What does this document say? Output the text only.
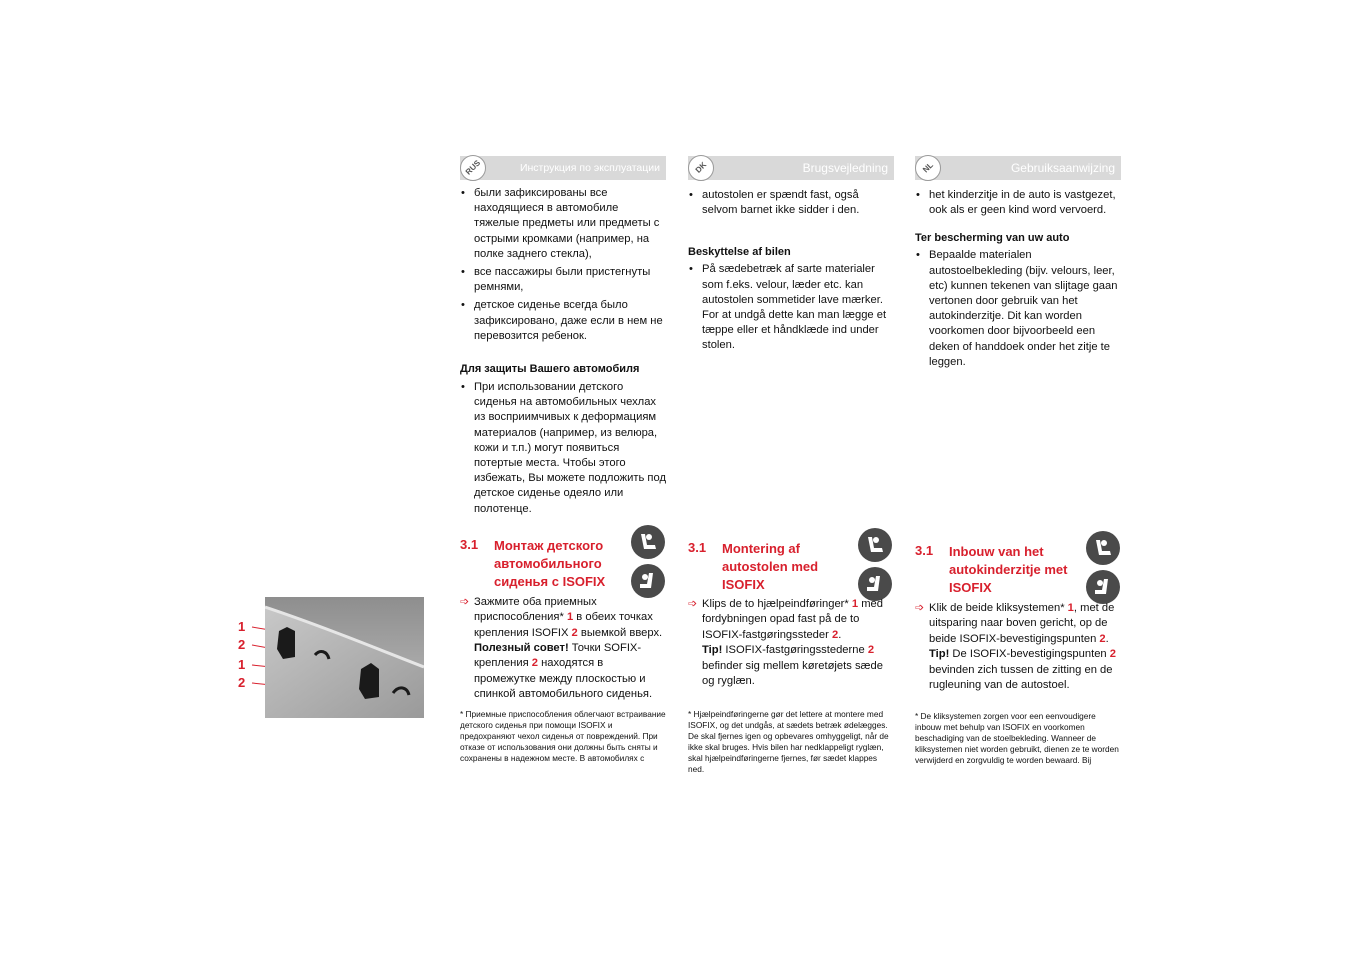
1
2
1
2
RUS	Инструкция по эксплуатации
• были зафиксированы все находящиеся в автомобиле тяжелые предметы или предметы с острыми кромками (например, на полке заднего стекла),
• все пассажиры были пристегнуты ремнями,
• детское сиденье всегда было зафиксировано, даже если в нем не перевозится ребенок.
Для защиты Вашего автомобиля
• При использовании детского сиденья на автомобильных чехлах из восприимчивых к деформациям материалов (например, из велюра, кожи и т.п.) могут появиться потертые места. Чтобы этого избежать, Вы можете подложить под детское сиденье одеяло или полотенце.
3.1 Монтаж детского автомобильного сиденья с ISOFIX
➩ Зажмите оба приемных приспособления* 1 в обеих точках крепления ISOFIX 2 выемкой вверх.
Полезный совет! Точки SOFIX-крепления 2 находятся в промежутке между плоскостью и спинкой автомобильного сиденья.
* Приемные приспособления облегчают встраивание детского сиденья при помощи ISOFIX и предохраняют чехол сиденья от повреждений. При отказе от использования они должны быть сняты и сохранены в надежном месте. В автомобилях с
DK	Brugsvejledning
• autostolen er spændt fast, også selvom barnet ikke sidder i den.
Beskyttelse af bilen
• På sædebetræk af sarte materialer som f.eks. velour, læder etc. kan autostolen sommetider lave mærker. For at undgå dette kan man lægge et tæppe eller et håndklæde ind under stolen.
3.1 Montering af autostolen med ISOFIX
➩ Klips de to hjælpeindføringer* 1 med fordybningen opad fast på de to ISOFIX-fastgøringssteder 2.
Tip! ISOFIX-fastgøringsstederne 2 befinder sig mellem køretøjets sæde og ryglæn.
* Hjælpeindføringerne gør det lettere at montere med ISOFIX, og det undgås, at sædets betræk ødelægges. De skal fjernes igen og opbevares omhyggeligt, når de ikke skal bruges. Hvis bilen har nedklappeligt ryglæn, skal hjælpeindføringerne fjernes, før sædet klappes ned.
NL	Gebruiksaanwijzing
• het kinderzitje in de auto is vastgezet, ook als er geen kind word vervoerd.
Ter bescherming van uw auto
• Bepaalde materialen autostoelbekleding (bijv. velours, leer, etc) kunnen tekenen van slijtage gaan vertonen door gebruik van het autokinderzitje. Dit kan worden voorkomen door bijvoorbeeld een deken of handdoek onder het zitje te leggen.
3.1 Inbouw van het autokinderzitje met ISOFIX
➩ Klik de beide kliksystemen* 1, met de uitsparing naar boven gericht, op de beide ISOFIX-bevestigingspunten 2.
Tip! De ISOFIX-bevestigingspunten 2 bevinden zich tussen de zitting en de rugleuning van de autostoel.
* De kliksystemen zorgen voor een eenvoudigere inbouw met behulp van ISOFIX en voorkomen beschadiging van de stoelbekleding. Wanneer de kliksystemen niet worden gebruikt, dienen ze te worden verwijderd en zorgvuldig te worden bewaard. Bij
